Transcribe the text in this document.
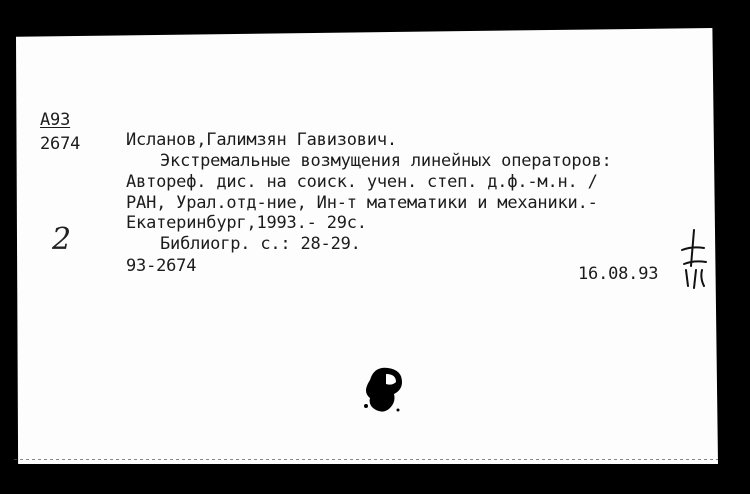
А93
2674	Исланов,Галимзян Гавизович.
Экстремальные возмущения линейных операторов:
Автореф. дис. на соиск. учен. степ. д.ф.-м.н. /
РАН, Урал.отд-ние, Ин-т математики и механики.-
Екатеринбург,1993.- 29с.
Библиогр. с.: 28-29.
93-2674	16.08.93
2
